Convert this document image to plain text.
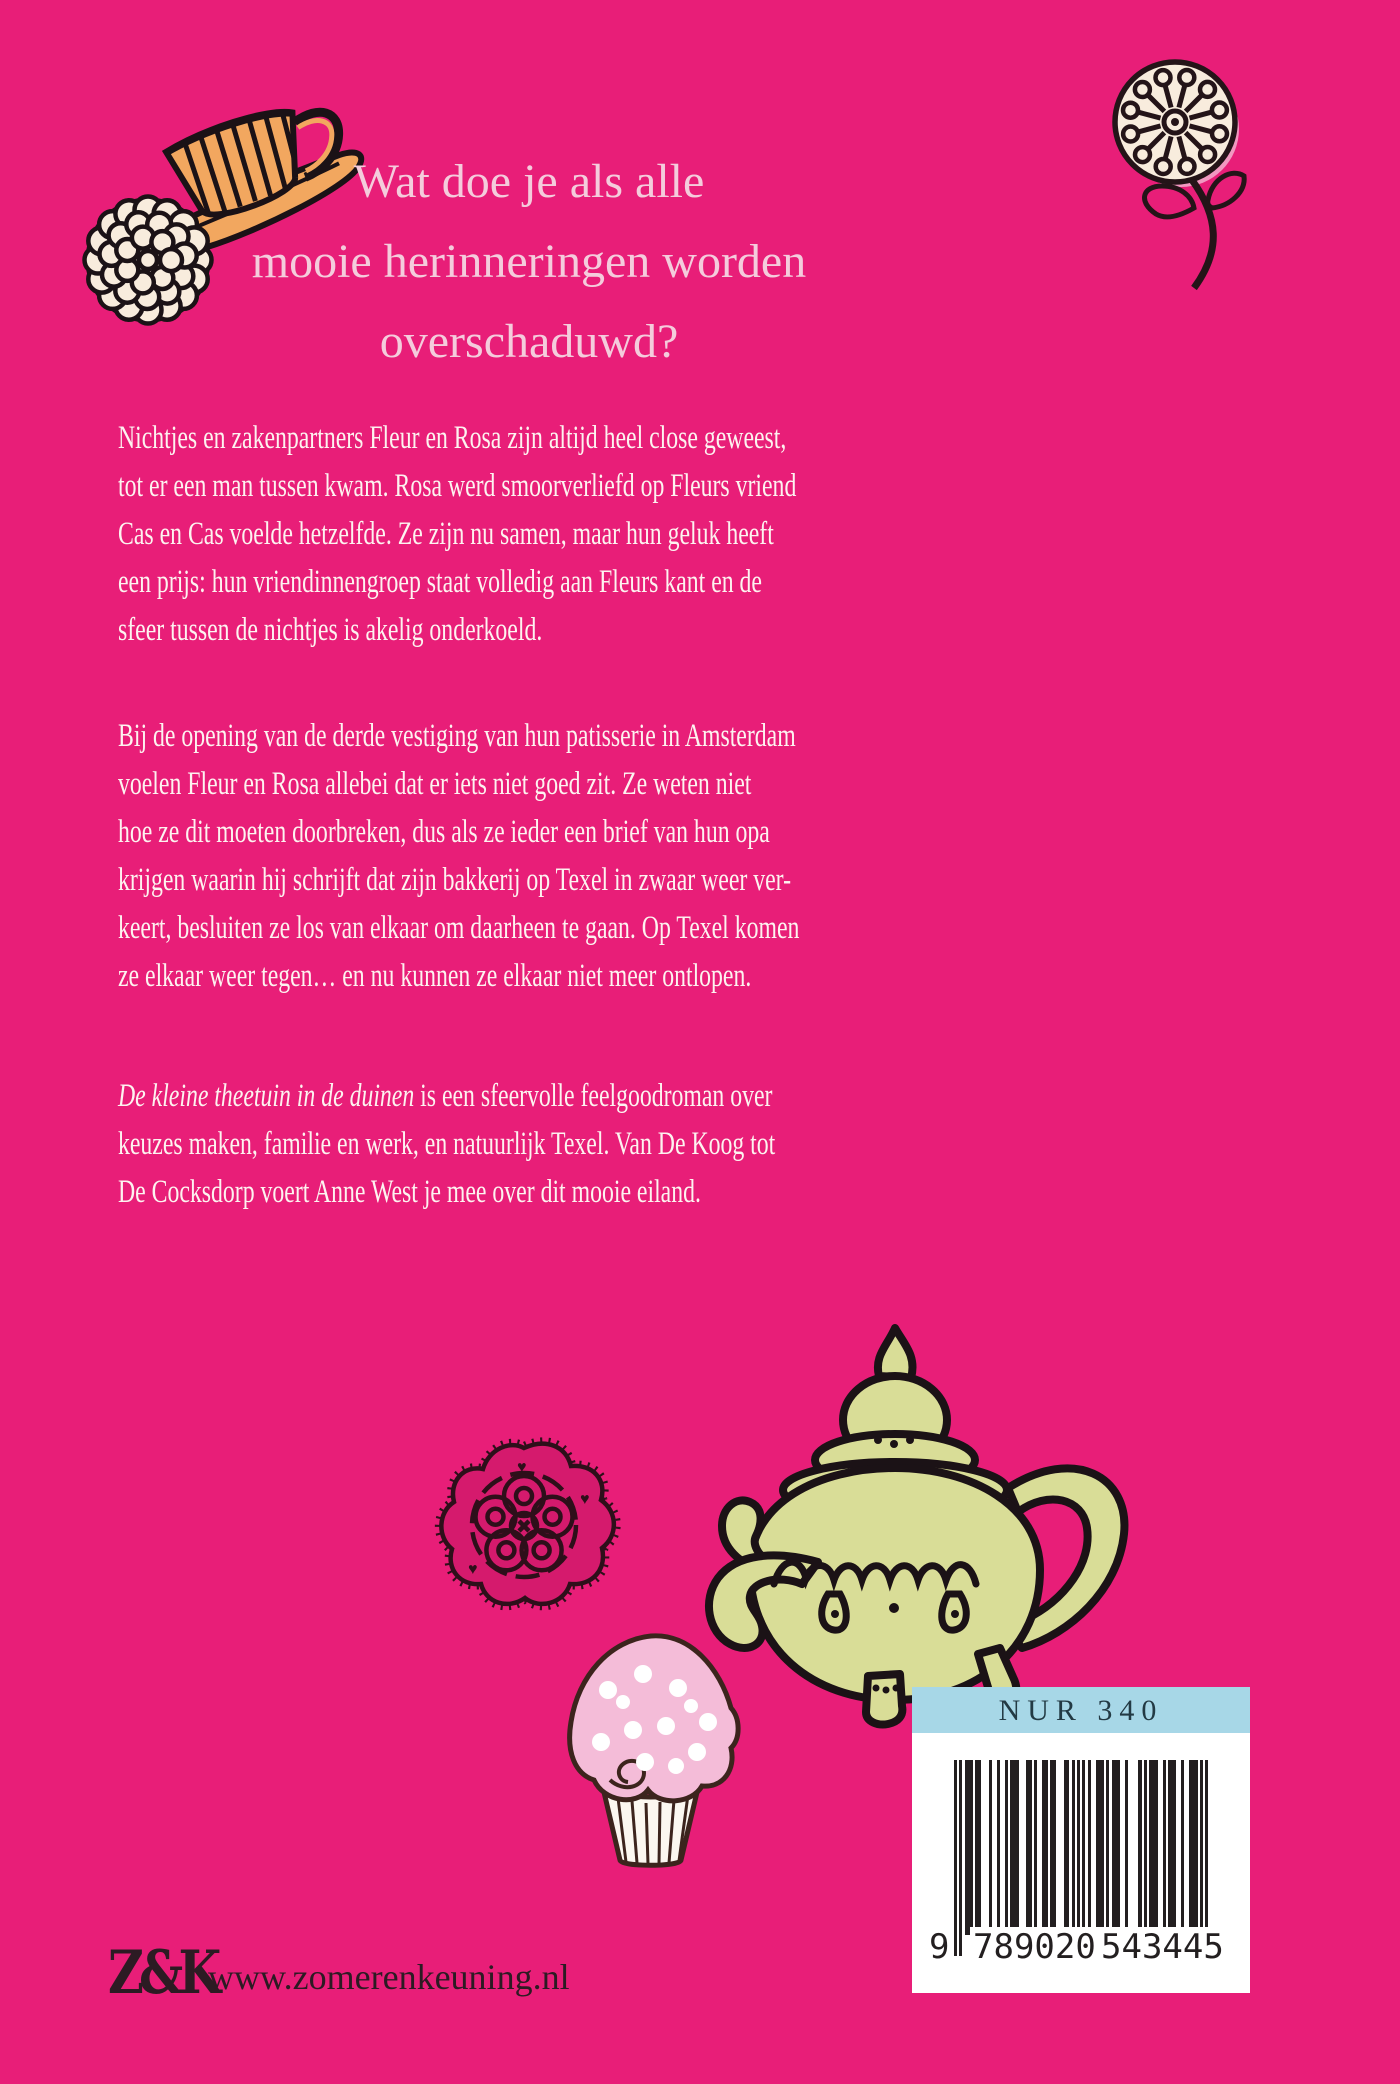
Wat doe je als alle
mooie herinneringen worden
overschaduwd?
Nichtjes en zakenpartners Fleur en Rosa zijn altijd heel close geweest,
tot er een man tussen kwam. Rosa werd smoorverliefd op Fleurs vriend
Cas en Cas voelde hetzelfde. Ze zijn nu samen, maar hun geluk heeft
een prijs: hun vriendinnengroep staat volledig aan Fleurs kant en de
sfeer tussen de nichtjes is akelig onderkoeld.
Bij de opening van de derde vestiging van hun patisserie in Amsterdam
voelen Fleur en Rosa allebei dat er iets niet goed zit. Ze weten niet
hoe ze dit moeten doorbreken, dus als ze ieder een brief van hun opa
krijgen waarin hij schrijft dat zijn bakkerij op Texel in zwaar weer ver-
keert, besluiten ze los van elkaar om daarheen te gaan. Op Texel komen
ze elkaar weer tegen… en nu kunnen ze elkaar niet meer ontlopen.
De kleine theetuin in de duinen is een sfeervolle feelgoodroman over
keuzes maken, familie en werk, en natuurlijk Texel. Van De Koog tot
De Cocksdorp voert Anne West je mee over dit mooie eiland.
♥
♥
♥
NUR 340
9 789020 543445
Z&K
www.zomerenkeuning.nl
